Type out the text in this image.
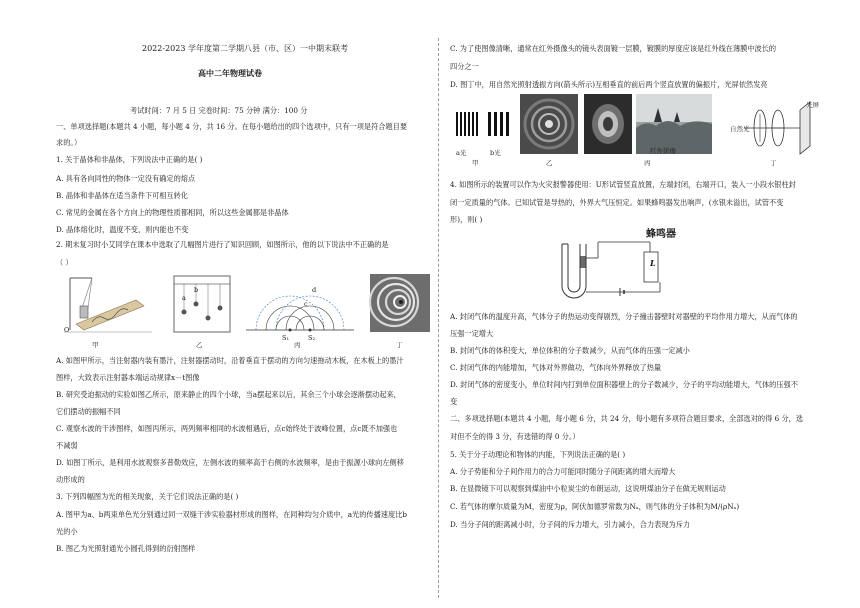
2022-2023 学年度第二学期八县（市、区）一中期末联考
高中二年物理试卷
考试时间：7 月 5 日 完卷时间：75 分钟 满分：100 分
一、单项选择题(本题共 4 小题，每小题 4 分，共 16 分。在每小题给出的四个选项中，只有一项是符合题目要
求的。）
1. 关于晶体和非晶体，下列说法中正确的是( )
A. 具有各向同性的物体一定没有确定的熔点
B. 晶体和非晶体在适当条件下可相互转化
C. 常见的金属在各个方向上的物理性质都相同，所以这些金属都是非晶体
D. 晶体熔化时，温度不变，则内能也不变
2. 期末复习时小艾同学在课本中选取了几幅图片进行了知识回顾，如图所示，他的以下说法中不正确的是
（ ）
O
a
b
c
d
S₁	S₂
甲	乙	丙	丁
A. 如图甲所示，当注射器内装有墨汁，注射器摆动时，沿着垂直于摆动的方向匀速拖动木板，在木板上的墨汁
图样，大致表示注射器本端运动规律x－t图像
B. 研究受迫振动的实验如图乙所示，原来静止的四个小球，当a摆起来以后，其余三个小球会逐渐摆动起来，
它们摆动的振幅不同
C. 观察水波的干涉图样，如图丙所示，两列频率相同的水波相遇后，点c始终处于波峰位置，点c既不加强也
不减弱
D. 如图丁所示，是利用水波观察多普勒效应，左侧水波的频率高于右侧的水波频率，是由于振源小球向左侧移
动形成的
3. 下列四幅图为光的相关现象，关于它们说法正确的是( )
A. 图甲为a、b两束单色光分别通过同一双缝干涉实验器材形成的图样，在同种均匀介质中，a光的传播速度比b
光的小
B. 图乙为光照射通光小圆孔得到的衍射图样
C. 为了使图像清晰，通常在红外摄像头的镜头表面镀一层膜，镀膜的厚度应该是红外线在薄膜中波长的
四分之一
D. 图丁中，用自然光照射透振方向(箭头所示)互相垂直的前后两个竖直放置的偏振片，光屏依然发亮
a光	b光
甲	乙	丙	丁
红外影像
自然光
光屏
4. 如图所示的装置可以作为火灾报警器使用：U形试管竖直放置，左端封闭，右端开口，装入一小段水银柱封
闭一定质量的气体。已知试管是导热的，外界大气压恒定。如果蜂鸣器发出响声，(水银未溢出，试管不变
形)，则( )
蜂鸣器
L
A. 封闭气体的温度升高，气体分子的热运动变得剧烈，分子撞击器壁时对器壁的平均作用力增大，从而气体的
压强一定增大
B. 封闭气体的体积变大，单位体积的分子数减少，从而气体的压强一定减小
C. 封闭气体的内能增加，气体对外界做功，气体向外界释放了热量
D. 封闭气体的密度变小，单位时间内打到单位面积器壁上的分子数减少，分子的平均动能增大，气体的压强不
变
二、多项选择题(本题共 4 小题，每小题 6 分，共 24 分，每小题有多项符合题目要求，全部选对的得 6 分，选
对但不全的得 3 分，有选错的得 0 分。）
5. 关于分子动理论和物体的内能，下列说法正确的是( )
A. 分子势能和分子间作用力的合力可能同时随分子间距离的增大而增大
B. 在显微镜下可以观察到煤油中小粒炭尘的布朗运动，这说明煤油分子在做无规则运动
C. 若气体的摩尔质量为M，密度为ρ，阿伏加德罗常数为Nₐ，则气体的分子体积为M/(ρNₐ)
D. 当分子间的距离减小时，分子间的斥力增大，引力减小，合力表现为斥力
